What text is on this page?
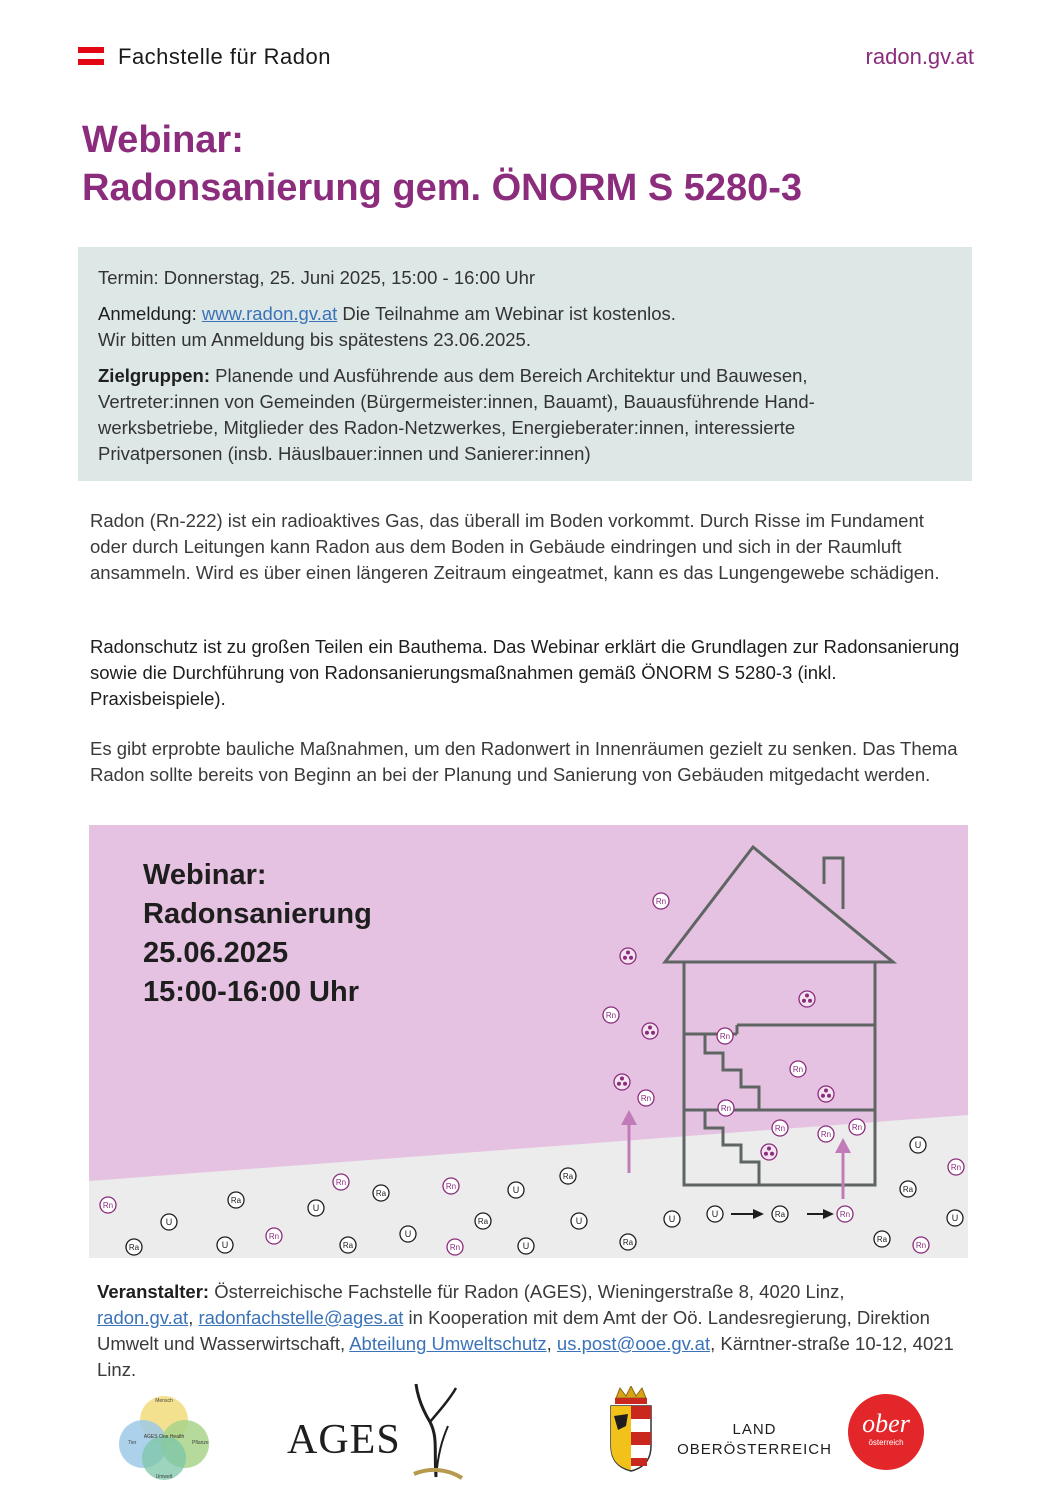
Fachstelle für Radon	radon.gv.at
Webinar:
Radonsanierung gem. ÖNORM S 5280-3

Termin: Donnerstag, 25. Juni 2025, 15:00 - 16:00 Uhr

Anmeldung: www.radon.gv.at Die Teilnahme am Webinar ist kostenlos.
Wir bitten um Anmeldung bis spätestens 23.06.2025.

Zielgruppen: Planende und Ausführende aus dem Bereich Architektur und Bauwesen, Vertreter:innen von Gemeinden (Bürgermeister:innen, Bauamt), Bauausführende Hand-werksbetriebe, Mitglieder des Radon-Netzwerkes, Energieberater:innen, interessierte Privatpersonen (insb. Häuslbauer:innen und Sanierer:innen)

Radon (Rn-222) ist ein radioaktives Gas, das überall im Boden vorkommt. Durch Risse im Fundament oder durch Leitungen kann Radon aus dem Boden in Gebäude eindringen und sich in der Raumluft ansammeln. Wird es über einen längeren Zeitraum eingeatmet, kann es das Lungengewebe schädigen.
Radonschutz ist zu großen Teilen ein Bauthema. Das Webinar erklärt die Grundlagen zur Radonsanierung sowie die Durchführung von Radonsanierungsmaßnahmen gemäß ÖNORM S 5280-3 (inkl. Praxisbeispiele).
Es gibt erprobte bauliche Maßnahmen, um den Radonwert in Innenräumen gezielt zu senken. Das Thema Radon sollte bereits von Beginn an bei der Planung und Sanierung von Gebäuden mitgedacht werden.
Rn
Rn
Rn
Rn
Rn
Rn
Rn
Rn
Rn
U
Rn
Ra
U
Ra
Rn
Rn
U
Ra
Ra
U
Rn
U
Rn
Ra
Ra
U
Rn
Ra
Rn
U
U
Ra
U
Ra
U	U	Ra	Rn
Webinar:
Radonsanierung
25.06.2025
15:00-16:00 Uhr
Veranstalter: Österreichische Fachstelle für Radon (AGES), Wieningerstraße 8, 4020 Linz,
radon.gv.at, radonfachstelle@ages.at in Kooperation mit dem Amt der Oö. Landesregierung, Direktion Umwelt und Wasserwirtschaft, Abteilung Umweltschutz, us.post@ooe.gv.at, Kärntner-straße 10-12, 4021 Linz.
Mensch
Tier	Pflanze
Umwelt
AGES One Health AGES	LAND
OBERÖSTERREICH
ober
österreich
